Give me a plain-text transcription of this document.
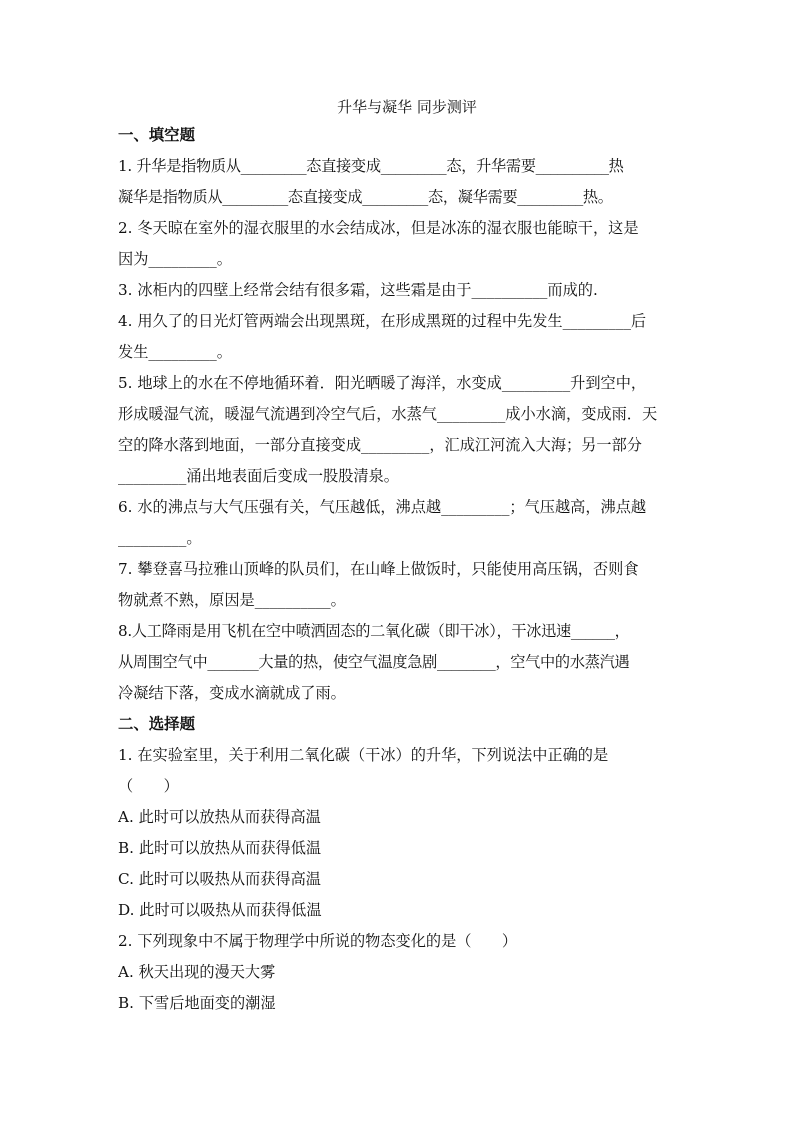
升华与凝华 同步测评
一、填空题
1. 升华是指物质从_________态直接变成_________态，升华需要__________热
凝华是指物质从_________态直接变成_________态，凝华需要_________热。
2. 冬天晾在室外的湿衣服里的水会结成冰，但是冰冻的湿衣服也能晾干，这是
因为_________。
3. 冰柜内的四壁上经常会结有很多霜，这些霜是由于__________而成的.
4. 用久了的日光灯管两端会出现黑斑，在形成黑斑的过程中先发生_________后
发生_________。
5. 地球上的水在不停地循环着．阳光晒暖了海洋，水变成_________升到空中，
形成暖湿气流，暖湿气流遇到冷空气后，水蒸气_________成小水滴，变成雨．天
空的降水落到地面，一部分直接变成_________，汇成江河流入大海；另一部分
_________涌出地表面后变成一股股清泉。
6. 水的沸点与大气压强有关，气压越低，沸点越_________；气压越高，沸点越
_________。
7. 攀登喜马拉雅山顶峰的队员们，在山峰上做饭时，只能使用高压锅，否则食
物就煮不熟，原因是__________。
8.人工降雨是用飞机在空中喷洒固态的二氧化碳（即干冰），干冰迅速______，
从周围空气中_______大量的热，使空气温度急剧________，空气中的水蒸汽遇
冷凝结下落，变成水滴就成了雨。
二、选择题
1. 在实验室里，关于利用二氧化碳（干冰）的升华，下列说法中正确的是
（　　）
A. 此时可以放热从而获得高温
B. 此时可以放热从而获得低温
C. 此时可以吸热从而获得高温
D. 此时可以吸热从而获得低温
2. 下列现象中不属于物理学中所说的物态变化的是（　　）
A. 秋天出现的漫天大雾
B. 下雪后地面变的潮湿
